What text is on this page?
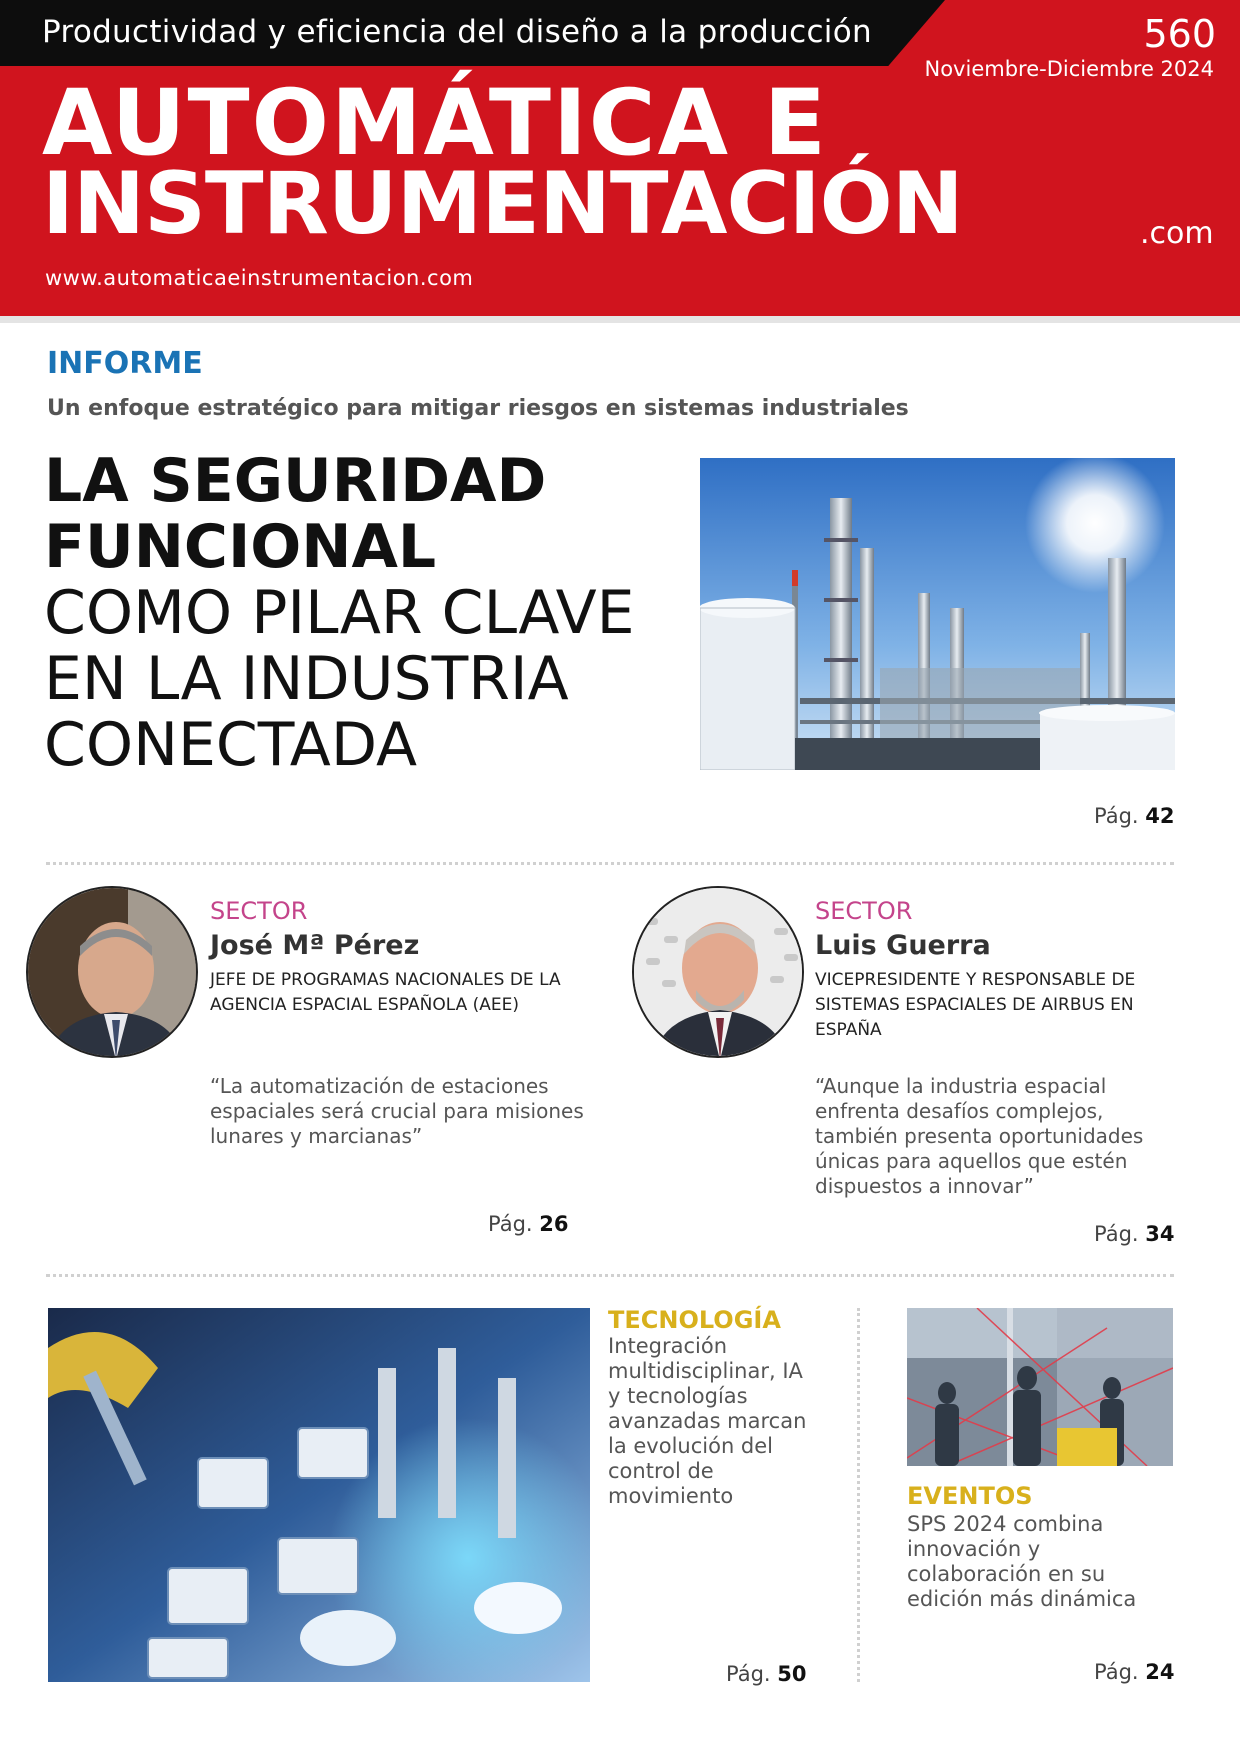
Productividad y eficiencia del diseño a la producción	560
Noviembre-Diciembre 2024
AUTOMÁTICA E
INSTRUMENTACIÓN	.com
www.automaticaeinstrumentacion.com
INFORME
Un enfoque estratégico para mitigar riesgos en sistemas industriales
LA SEGURIDAD
FUNCIONAL
COMO PILAR CLAVE
EN LA INDUSTRIA
CONECTADA
Pág. 42
SECTOR
José Mª Pérez
JEFE DE PROGRAMAS NACIONALES DE LA AGENCIA ESPACIAL ESPAÑOLA (AEE)
“La automatización de estaciones espaciales será crucial para misiones lunares y marcianas”
Pág. 26
SECTOR
Luis Guerra
VICEPRESIDENTE Y RESPONSABLE DE SISTEMAS ESPACIALES DE AIRBUS EN ESPAÑA
“Aunque la industria espacial enfrenta desafíos complejos, también presenta oportunidades únicas para aquellos que estén dispuestos a innovar”
Pág. 34
TECNOLOGÍA
Integración multidisciplinar, IA y tecnologías avanzadas marcan la evolución del control de movimiento
Pág. 50
EVENTOS
SPS 2024 combina innovación y colaboración en su edición más dinámica
Pág. 24
